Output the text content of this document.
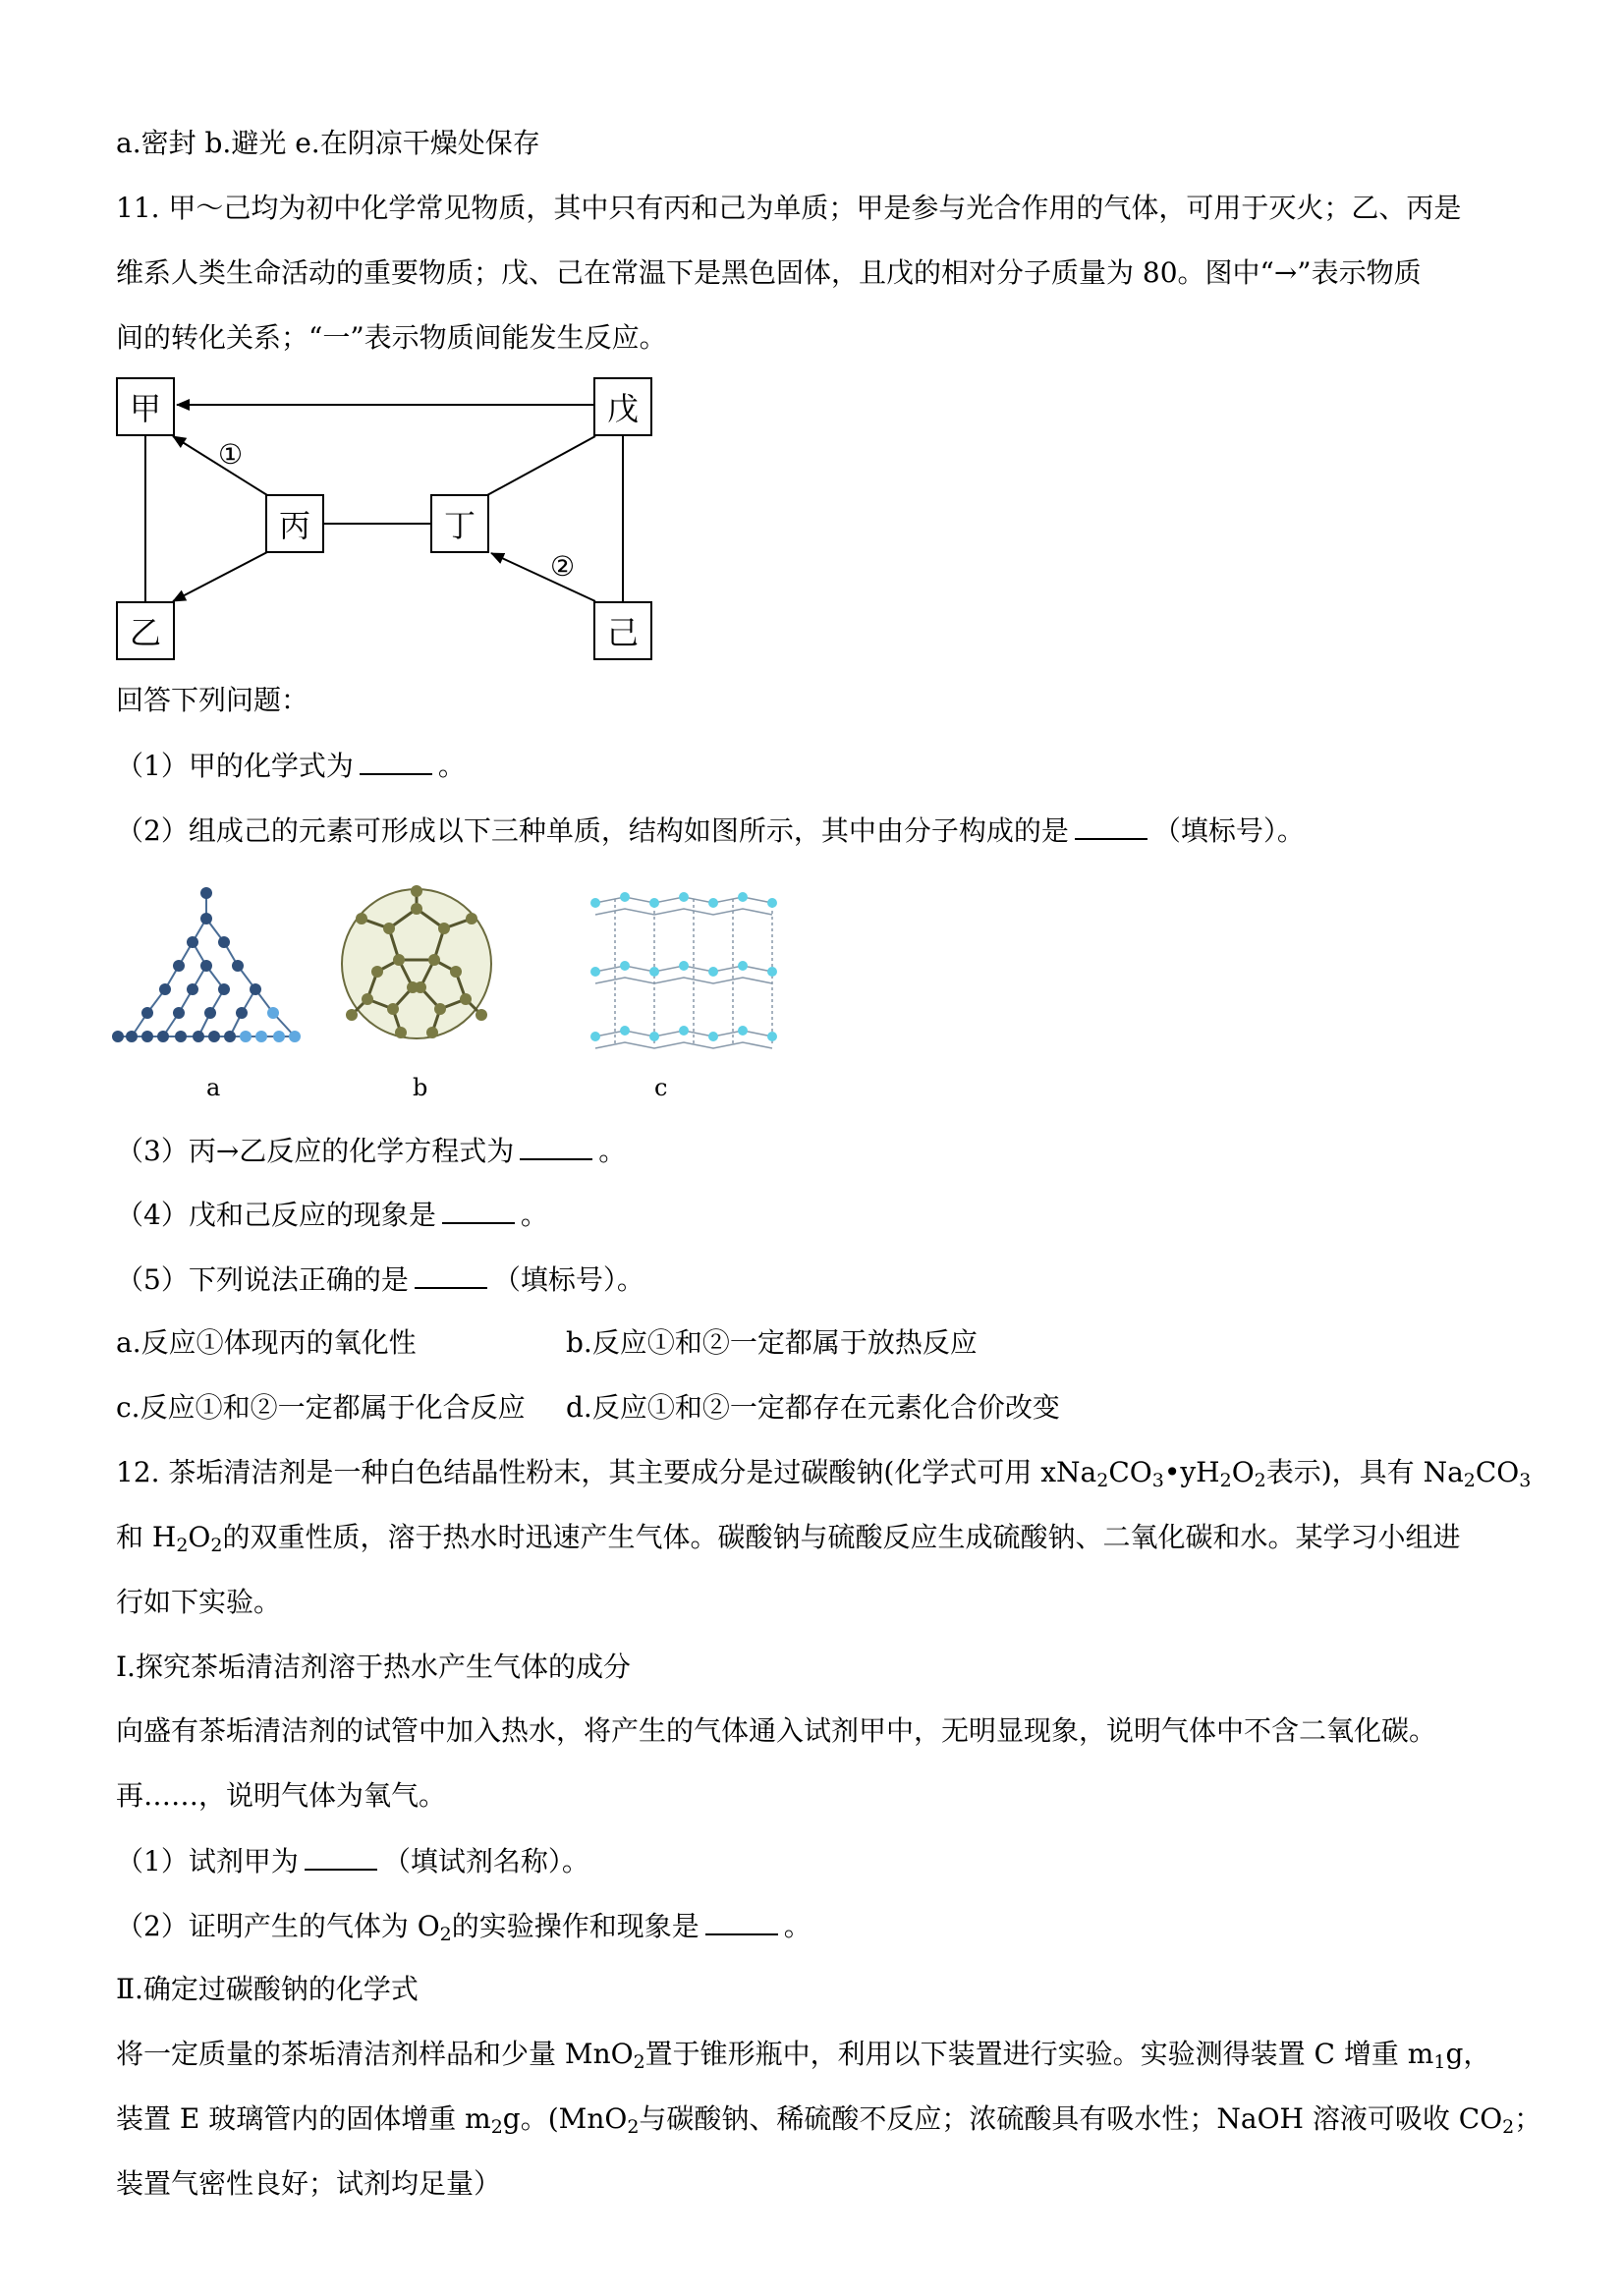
a.密封 b.避光 e.在阴凉干燥处保存
11. 甲～己均为初中化学常见物质，其中只有丙和己为单质；甲是参与光合作用的气体，可用于灭火；乙、丙是
维系人类生命活动的重要物质；戊、己在常温下是黑色固体，且戊的相对分子质量为 80。图中“→”表示物质
间的转化关系；“一”表示物质间能发生反应。
甲	戊
丙	丁
乙	己
①
②
回答下列问题：
（1）甲的化学式为	。
（2）组成己的元素可形成以下三种单质，结构如图所示，其中由分子构成的是	（填标号）。
a	b	c
（3）丙→乙反应的化学方程式为	。
（4）戊和己反应的现象是	。
（5）下列说法正确的是	（填标号）。
a.反应①体现丙的氧化性	b.反应①和②一定都属于放热反应
c.反应①和②一定都属于化合反应 d.反应①和②一定都存在元素化合价改变
12. 茶垢清洁剂是一种白色结晶性粉末，其主要成分是过碳酸钠(化学式可用 $xNa_2CO_3•yH_2O_2$表示)，具有 $Na_2CO_3$
和 $H_2O_2$的双重性质，溶于热水时迅速产生气体。碳酸钠与硫酸反应生成硫酸钠、二氧化碳和水。某学习小组进
行如下实验。
Ⅰ.探究茶垢清洁剂溶于热水产生气体的成分
向盛有茶垢清洁剂的试管中加入热水，将产生的气体通入试剂甲中，无明显现象，说明气体中不含二氧化碳。
再……，说明气体为氧气。
（1）试剂甲为	（填试剂名称）。
（2）证明产生的气体为 $O_2$的实验操作和现象是	。
Ⅱ.确定过碳酸钠的化学式
将一定质量的茶垢清洁剂样品和少量 MnO$_2$置于锥形瓶中，利用以下装置进行实验。实验测得装置 C 增重 $m_1g$，
装置 E 玻璃管内的固体增重 $m_2g$。(MnO$_2$与碳酸钠、稀硫酸不反应；浓硫酸具有吸水性；NaOH 溶液可吸收 $CO_2$；
装置气密性良好；试剂均足量）
